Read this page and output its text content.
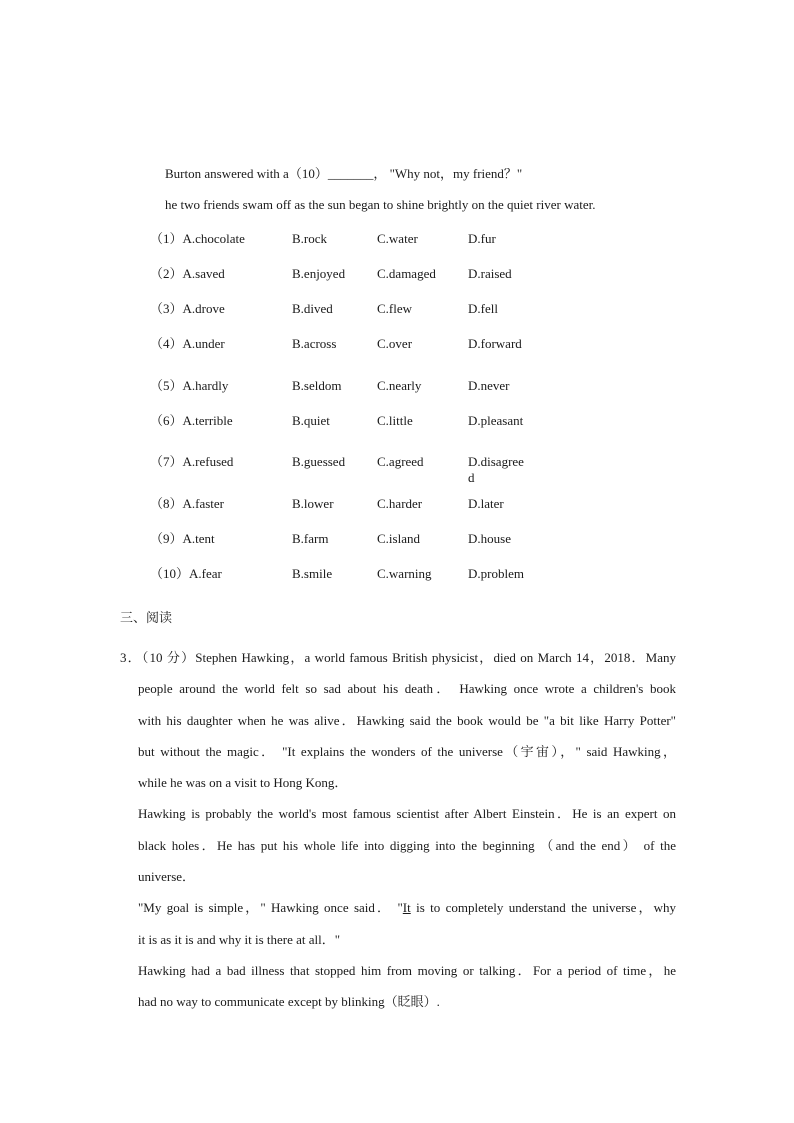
Burton answered with a（10）_______， "Why not，my friend？"
he two friends swam off as the sun began to shine brightly on the quiet river water.
（1）A.chocolate	B.rock	C.water	D.fur
（2）A.saved	B.enjoyed C.damaged D.raised
（3）A.drove	B.dived	C.flew	D.fell
（4）A.under	B.across	C.over	D.forward
（5）A.hardly	B.seldom	C.nearly	D.never
（6）A.terrible	B.quiet	C.little	D.pleasant
（7）A.refused	B.guessed C.agreed	D.disagreed
（8）A.faster	B.lower	C.harder	D.later
（9）A.tent	B.farm	C.island	D.house
（10）A.fear	B.smile	C.warning	D.problem
三、阅读
3．（10 分）Stephen Hawking，a world famous British physicist，died on March 14，2018．Many
people around the world felt so sad about his death． Hawking once wrote a children's book
with his daughter when he was alive．Hawking said the book would be "a bit like Harry Potter"
but without the magic． "It explains the wonders of the universe（宇宙），" said Hawking，
while he was on a visit to Hong Kong．
Hawking is probably the world's most famous scientist after Albert Einstein．He is an expert on
black holes．He has put his whole life into digging into the beginning （and the end） of the
universe．
"My goal is simple，" Hawking once said． "It is to completely understand the universe，why
it is as it is and why it is there at all．"
Hawking had a bad illness that stopped him from moving or talking．For a period of time，he
had no way to communicate except by blinking（眨眼）.
